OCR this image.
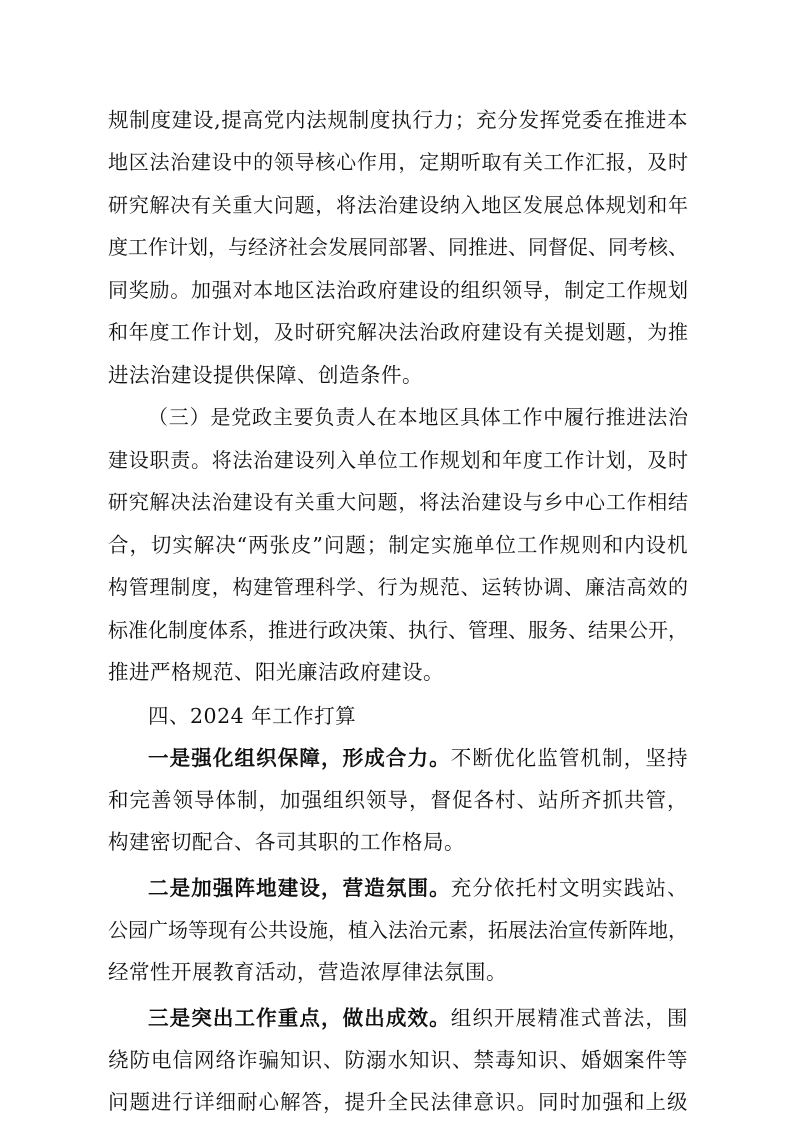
规制度建设,提高党内法规制度执行力；充分发挥党委在推进本
地区法治建设中的领导核心作用，定期听取有关工作汇报，及时
研究解决有关重大问题，将法治建设纳入地区发展总体规划和年
度工作计划，与经济社会发展同部署、同推进、同督促、同考核、
同奖励。加强对本地区法治政府建设的组织领导，制定工作规划
和年度工作计划，及时研究解决法治政府建设有关提划题，为推
进法治建设提供保障、创造条件。
（三）是党政主要负责人在本地区具体工作中履行推进法治
建设职责。将法治建设列入单位工作规划和年度工作计划，及时
研究解决法治建设有关重大问题，将法治建设与乡中心工作相结
合，切实解决“两张皮”问题；制定实施单位工作规则和内设机
构管理制度，构建管理科学、行为规范、运转协调、廉洁高效的
标准化制度体系，推进行政决策、执行、管理、服务、结果公开，
推进严格规范、阳光廉洁政府建设。
四、2024 年工作打算
一是强化组织保障，形成合力。不断优化监管机制，坚持
和完善领导体制，加强组织领导，督促各村、站所齐抓共管，
构建密切配合、各司其职的工作格局。
二是加强阵地建设，营造氛围。充分依托村文明实践站、
公园广场等现有公共设施，植入法治元素，拓展法治宣传新阵地，
经常性开展教育活动，营造浓厚律法氛围。
三是突出工作重点，做出成效。组织开展精准式普法，围
绕防电信网络诈骗知识、防溺水知识、禁毒知识、婚姻案件等
问题进行详细耐心解答，提升全民法律意识。同时加强和上级
